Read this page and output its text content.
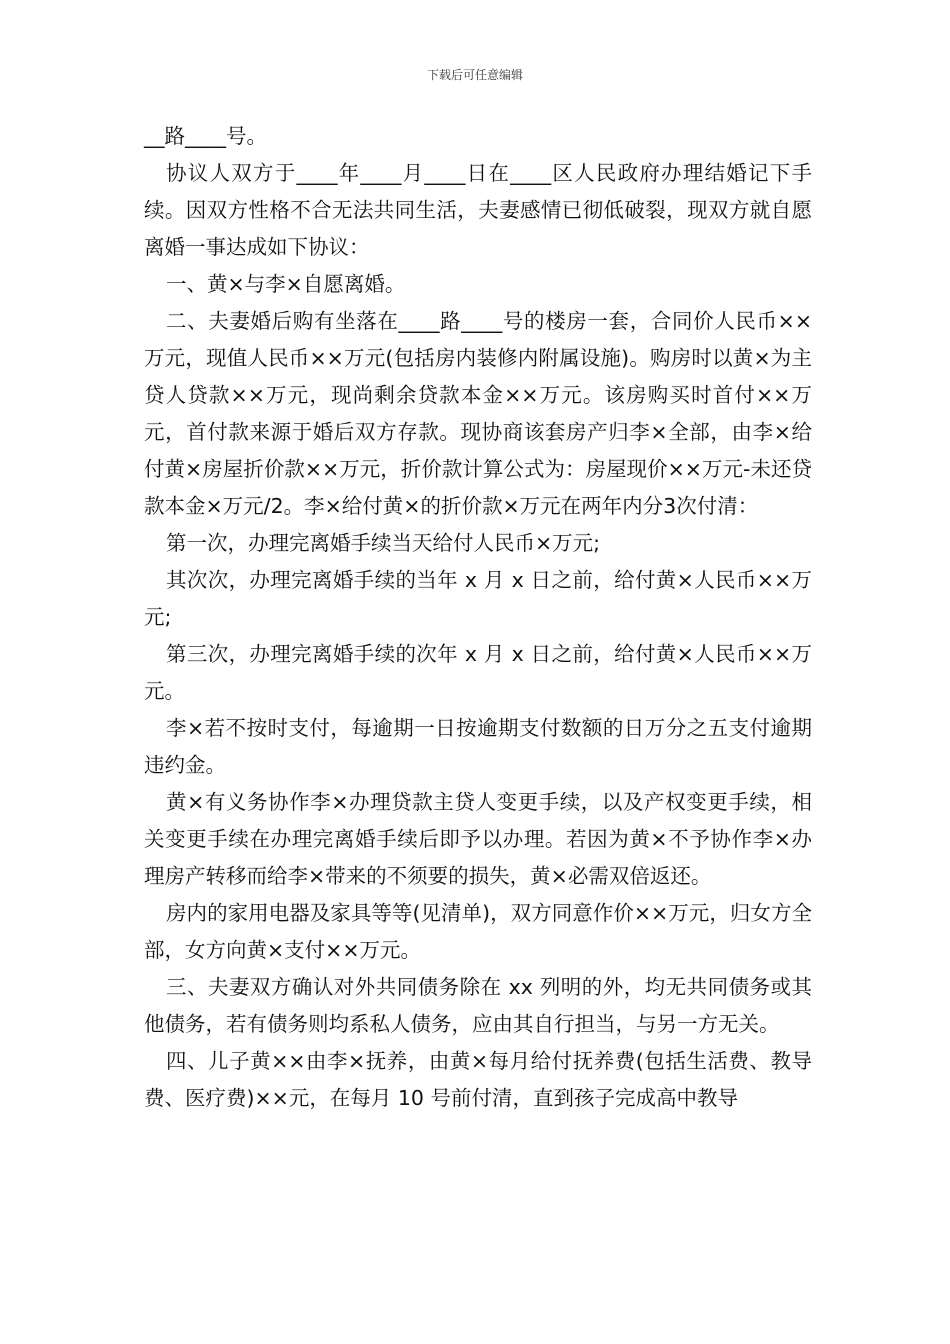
下载后可任意编辑

__路____号。

协议人双方于____年____月____日在____区人民政府办理结婚记下手续。因双方性格不合无法共同生活，夫妻感情已彻低破裂，现双方就自愿离婚一事达成如下协议：

一、黄×与李×自愿离婚。

二、夫妻婚后购有坐落在____路____号的楼房一套，合同价人民币××万元，现值人民币××万元(包括房内装修内附属设施)。购房时以黄×为主贷人贷款××万元，现尚剩余贷款本金××万元。该房购买时首付××万元，首付款来源于婚后双方存款。现协商该套房产归李×全部，由李×给付黄×房屋折价款××万元，折价款计算公式为：房屋现价××万元-未还贷款本金×万元/2。李×给付黄×的折价款×万元在两年内分3次付清：

第一次，办理完离婚手续当天给付人民币×万元;

其次次，办理完离婚手续的当年 x 月 x 日之前，给付黄×人民币××万元;

第三次，办理完离婚手续的次年 x 月 x 日之前，给付黄×人民币××万元。

李×若不按时支付，每逾期一日按逾期支付数额的日万分之五支付逾期违约金。

黄×有义务协作李×办理贷款主贷人变更手续，以及产权变更手续，相关变更手续在办理完离婚手续后即予以办理。若因为黄×不予协作李×办理房产转移而给李×带来的不须要的损失，黄×必需双倍返还。

房内的家用电器及家具等等(见清单)，双方同意作价××万元，归女方全部，女方向黄×支付××万元。

三、夫妻双方确认对外共同债务除在 xx 列明的外，均无共同债务或其他债务，若有债务则均系私人债务，应由其自行担当，与另一方无关。

四、儿子黄××由李×抚养，由黄×每月给付抚养费(包括生活费、教导费、医疗费)××元，在每月 10 号前付清，直到孩子完成高中教导
